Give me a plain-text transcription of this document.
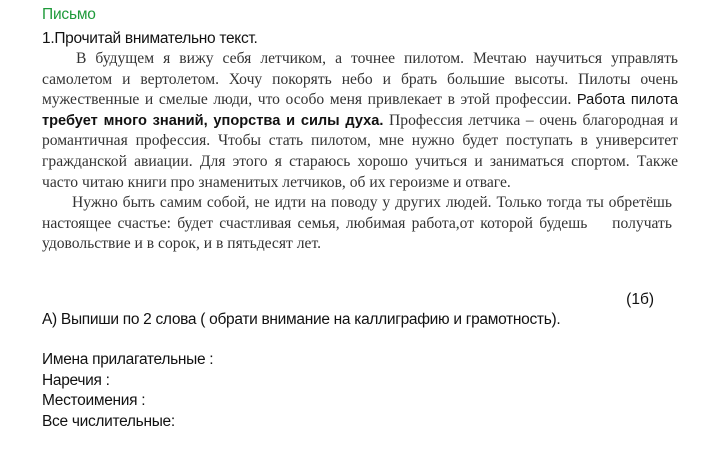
Письмо
1.Прочитай внимательно текст.

В будущем я вижу себя летчиком, а точнее пилотом. Мечтаю научиться управлять самолетом и вертолетом. Хочу покорять небо и брать большие высоты. Пилоты очень мужественные и смелые люди, что особо меня привлекает в этой профессии. Работа пилота требует много знаний, упорства и силы духа. Профессия летчика – очень благородная и романтичная профессия. Чтобы стать пилотом, мне нужно будет поступать в университет гражданской авиации. Для этого я стараюсь хорошо учиться и заниматься спортом. Также часто читаю книги про знаменитых летчиков, об их героизме и отваге.

Нужно быть самим собой, не идти на поводу у других людей. Только тогда ты обретёшь настоящее счастье: будет счастливая семья, любимая работа,от которой будешь    получать удовольствие и в сорок, и в пятьдесят лет.

(1б)
А) Выпиши по 2 слова ( обрати внимание на каллиграфию и грамотность).
Имена прилагательные :
Наречия :
Местоимения :
Все числительные:
